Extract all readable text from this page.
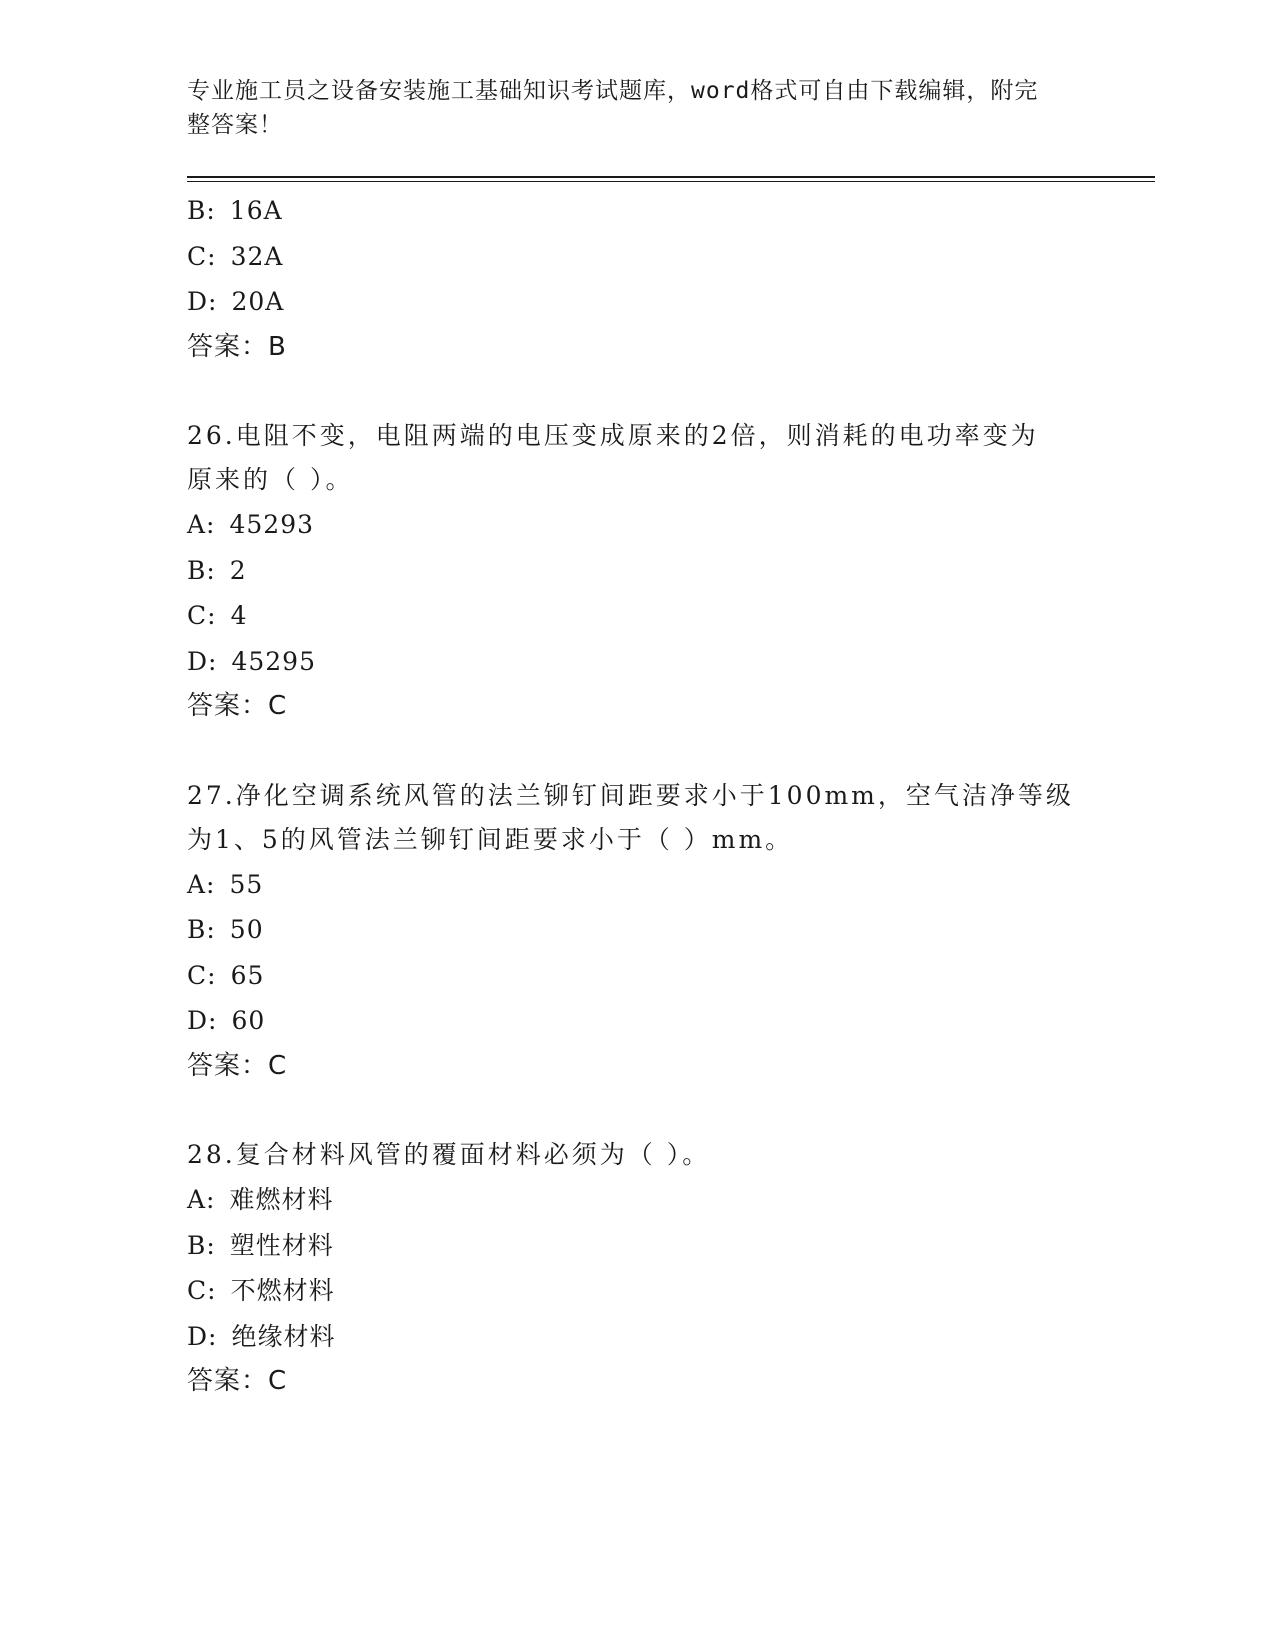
专业施工员之设备安装施工基础知识考试题库，word格式可自由下载编辑，附完
整答案！
B: 16A
C: 32A
D: 20A
答案：B
26.电阻不变，电阻两端的电压变成原来的2倍，则消耗的电功率变为
原来的（ ）。
A: 45293
B: 2
C: 4
D: 45295
答案：C
27.净化空调系统风管的法兰铆钉间距要求小于100mm，空气洁净等级
为1、5的风管法兰铆钉间距要求小于（ ）mm。
A: 55
B: 50
C: 65
D: 60
答案：C
28.复合材料风管的覆面材料必须为（ ）。
A: 难燃材料
B: 塑性材料
C: 不燃材料
D: 绝缘材料
答案：C
